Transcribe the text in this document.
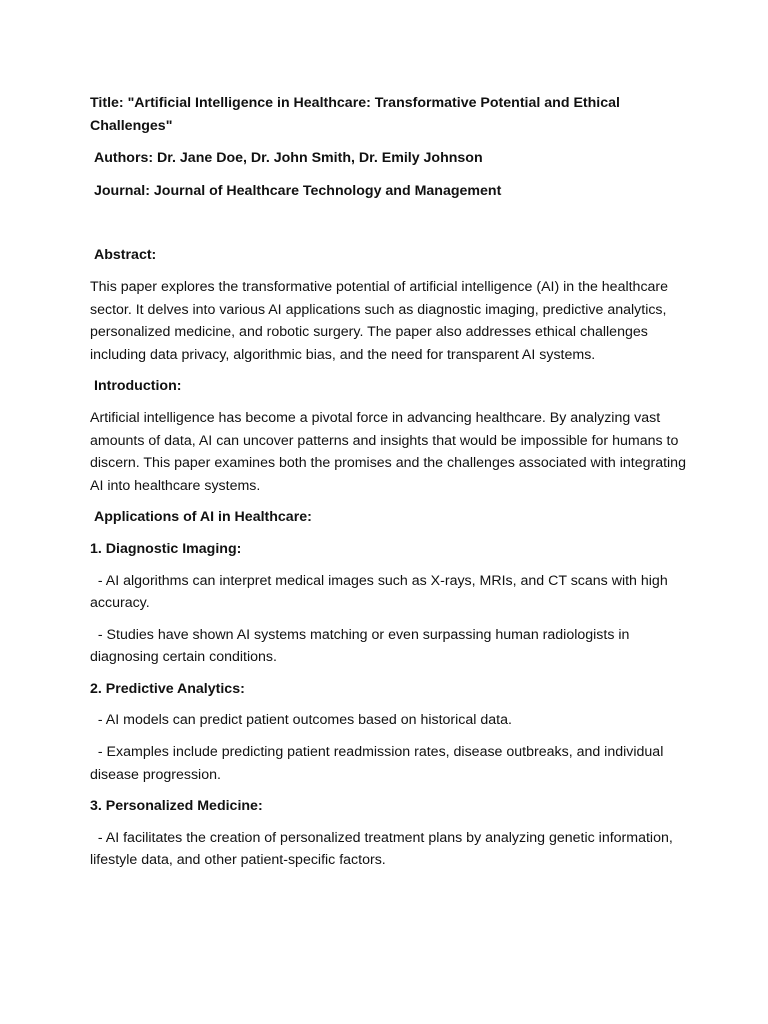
Title: "Artificial Intelligence in Healthcare: Transformative Potential and Ethical Challenges"
Authors: Dr. Jane Doe, Dr. John Smith, Dr. Emily Johnson
Journal: Journal of Healthcare Technology and Management
Abstract:
This paper explores the transformative potential of artificial intelligence (AI) in the healthcare sector. It delves into various AI applications such as diagnostic imaging, predictive analytics, personalized medicine, and robotic surgery. The paper also addresses ethical challenges including data privacy, algorithmic bias, and the need for transparent AI systems.
Introduction:
Artificial intelligence has become a pivotal force in advancing healthcare. By analyzing vast amounts of data, AI can uncover patterns and insights that would be impossible for humans to discern. This paper examines both the promises and the challenges associated with integrating AI into healthcare systems.
Applications of AI in Healthcare:
1. Diagnostic Imaging:
- AI algorithms can interpret medical images such as X-rays, MRIs, and CT scans with high accuracy.
- Studies have shown AI systems matching or even surpassing human radiologists in diagnosing certain conditions.
2. Predictive Analytics:
- AI models can predict patient outcomes based on historical data.
- Examples include predicting patient readmission rates, disease outbreaks, and individual disease progression.
3. Personalized Medicine:
- AI facilitates the creation of personalized treatment plans by analyzing genetic information, lifestyle data, and other patient-specific factors.
